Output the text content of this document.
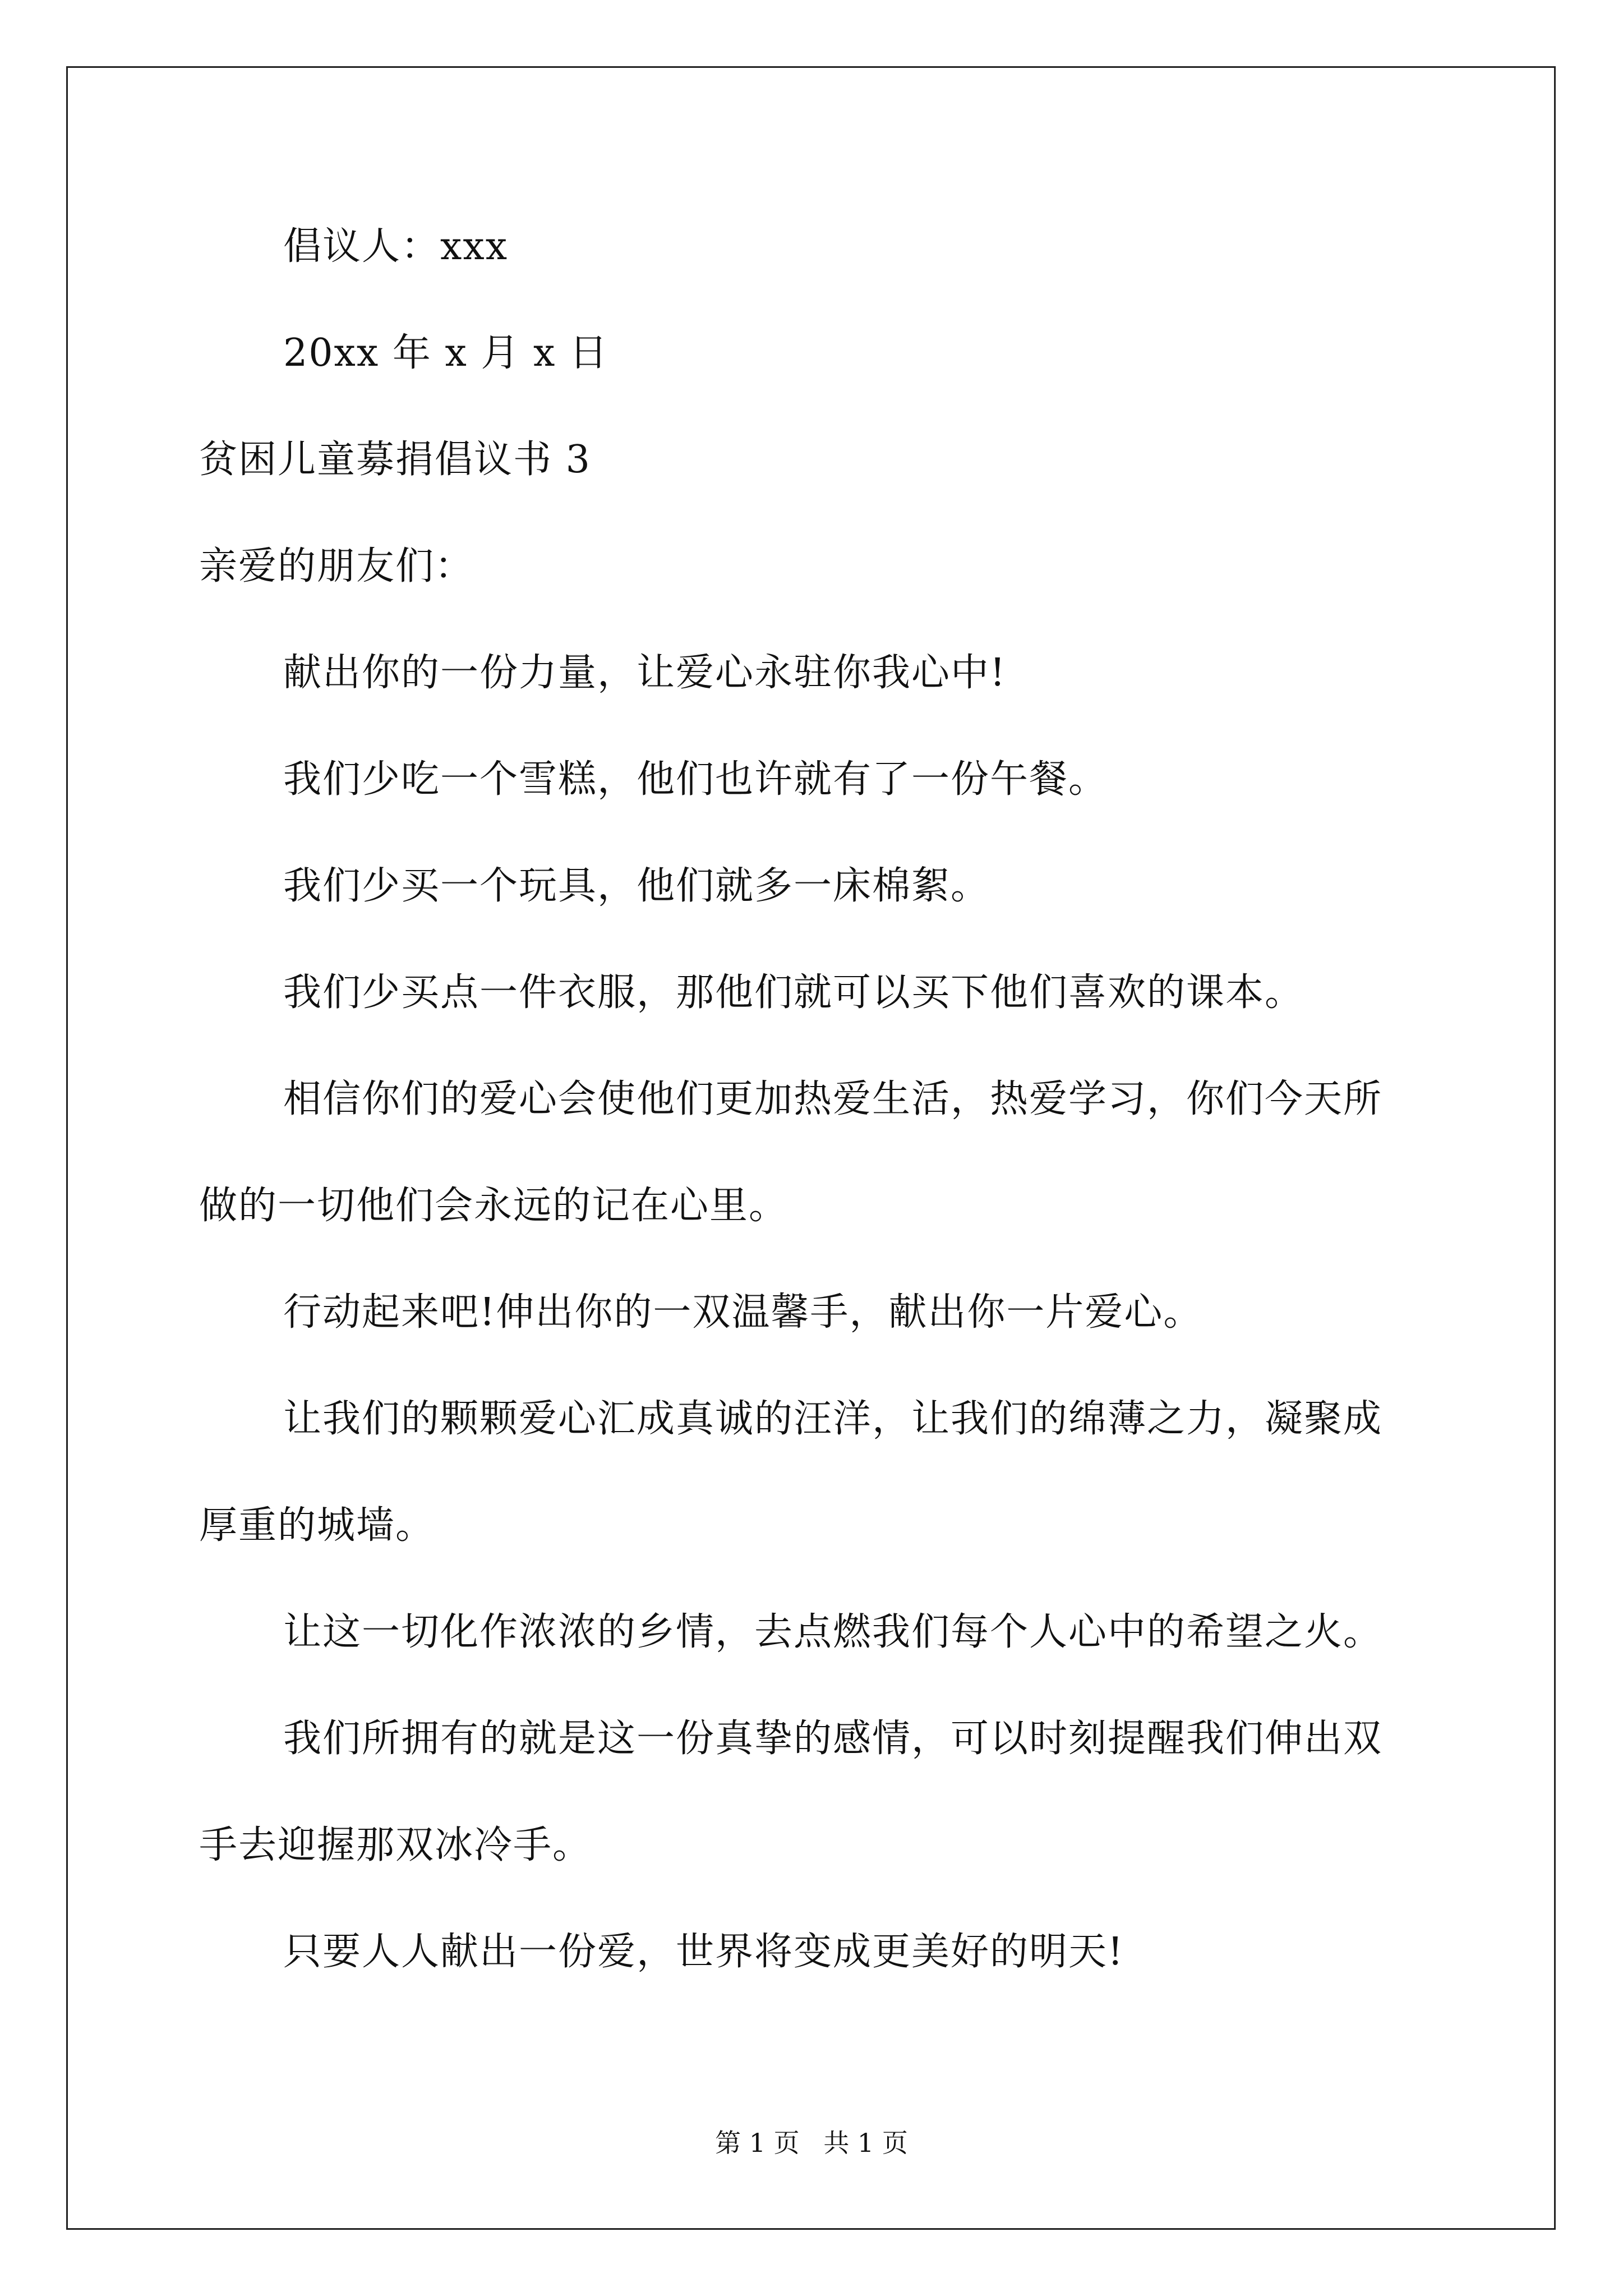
倡议人：xxx

20xx 年 x 月 x 日

贫困儿童募捐倡议书 3

亲爱的朋友们：

献出你的一份力量，让爱心永驻你我心中!

我们少吃一个雪糕，他们也许就有了一份午餐。

我们少买一个玩具，他们就多一床棉絮。

我们少买点一件衣服，那他们就可以买下他们喜欢的课本。

相信你们的爱心会使他们更加热爱生活，热爱学习，你们今天所

做的一切他们会永远的记在心里。

行动起来吧!伸出你的一双温馨手，献出你一片爱心。

让我们的颗颗爱心汇成真诚的汪洋，让我们的绵薄之力，凝聚成

厚重的城墙。

让这一切化作浓浓的乡情，去点燃我们每个人心中的希望之火。

我们所拥有的就是这一份真挚的感情，可以时刻提醒我们伸出双

手去迎握那双冰冷手。

只要人人献出一份爱，世界将变成更美好的明天!

第 1 页 共 1 页
